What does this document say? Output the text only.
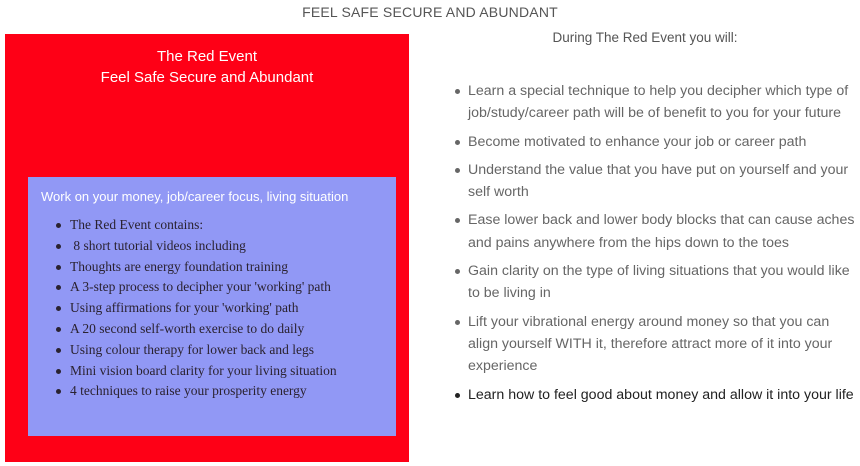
FEEL SAFE SECURE AND ABUNDANT
The Red Event
Feel Safe Secure and Abundant
Work on your money, job/career focus, living situation
The Red Event contains:
8 short tutorial videos including
Thoughts are energy foundation training
A 3-step process to decipher your 'working' path
Using affirmations for your 'working' path
A 20 second self-worth exercise to do daily
Using colour therapy for lower back and legs
Mini vision board clarity for your living situation
4 techniques to raise your prosperity energy
During The Red Event you will:
Learn a special technique to help you decipher which type of job/study/career path will be of benefit to you for your future
Become motivated to enhance your job or career path
Understand the value that you have put on yourself and your self worth
Ease lower back and lower body blocks that can cause aches and pains anywhere from the hips down to the toes
Gain clarity on the type of living situations that you would like to be living in
Lift your vibrational energy around money so that you can align yourself WITH it, therefore attract more of it into your experience
Learn how to feel good about money and allow it into your life
